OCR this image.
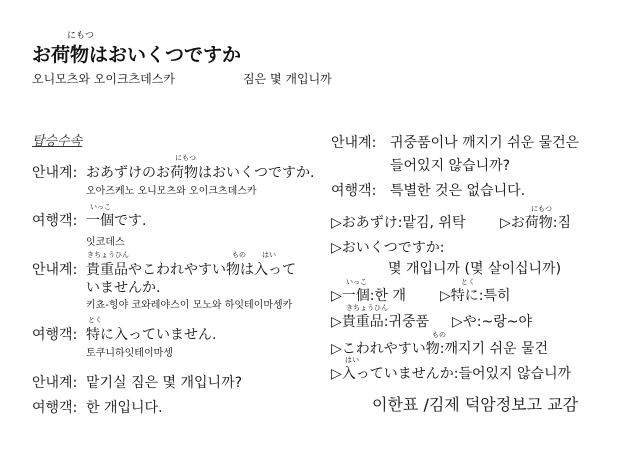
にもつ
お荷物はおいくつですか
오니모츠와 오이크츠데스카	짐은 몇 개입니까
탑승수속
안내계:
にもつ
おあずけのお荷物はおいくつですか.
오아즈케노 오니모츠와 오이크츠데스카
여행객:
いっこ
一個です.
잇코데스
안내계:
きちょうひん	もの はい
貴重品やこわれやすい物は入って
いませんか.
키쵸-힝야 코와레야스이 모노와 하잇테이마셍카
여행객:
とく
特に入っていません.
토쿠니하잇테이마셍
안내계: 맡기실 짐은 몇 개입니까?
여행객: 한 개입니다.
안내계: 귀중품이나 깨지기 쉬운 물건은
들어있지 않습니까?
여행객: 특별한 것은 없습니다.
▷おあずけ:맡김, 위탁
にもつ
▷お荷物:짐
▷おいくつですか:
몇 개입니까 (몇 살이십니까)
いっこ
▷一個:한 개
とく
▷特に:특히
きちょうひん
▷貴重品:귀중품 ▷や:~랑~야
もの
▷こわれやすい物:깨지기 쉬운 물건
はい
▷入っていませんか:들어있지 않습니까
이한표 /김제 덕암정보고 교감
